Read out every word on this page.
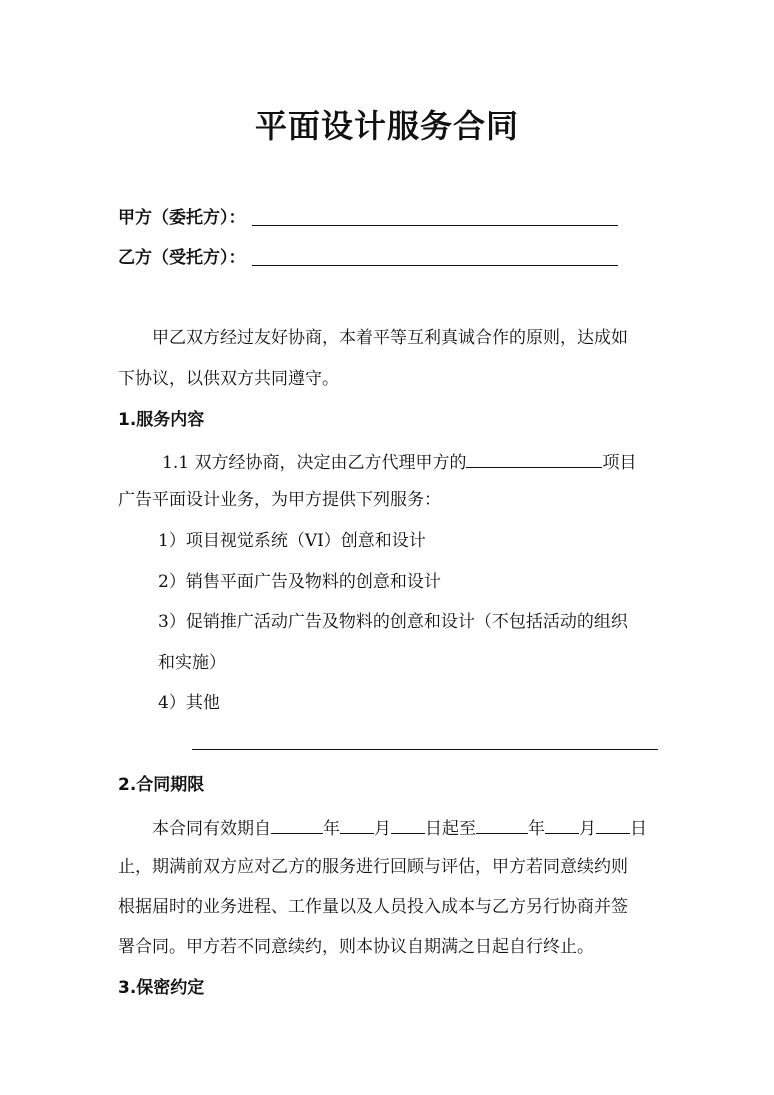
平面设计服务合同
甲方（委托方）：
乙方（受托方）：
甲乙双方经过友好协商，本着平等互利真诚合作的原则，达成如
下协议，以供双方共同遵守。
1.服务内容
1.1 双方经协商，决定由乙方代理甲方的	项目
广告平面设计业务，为甲方提供下列服务：
1）项目视觉系统（VI）创意和设计
2）销售平面广告及物料的创意和设计
3）促销推广活动广告及物料的创意和设计（不包括活动的组织
和实施）
4）其他
2.合同期限
本合同有效期自	年 月 日起至	年 月 日
止，期满前双方应对乙方的服务进行回顾与评估，甲方若同意续约则
根据届时的业务进程、工作量以及人员投入成本与乙方另行协商并签
署合同。甲方若不同意续约，则本协议自期满之日起自行终止。
3.保密约定
